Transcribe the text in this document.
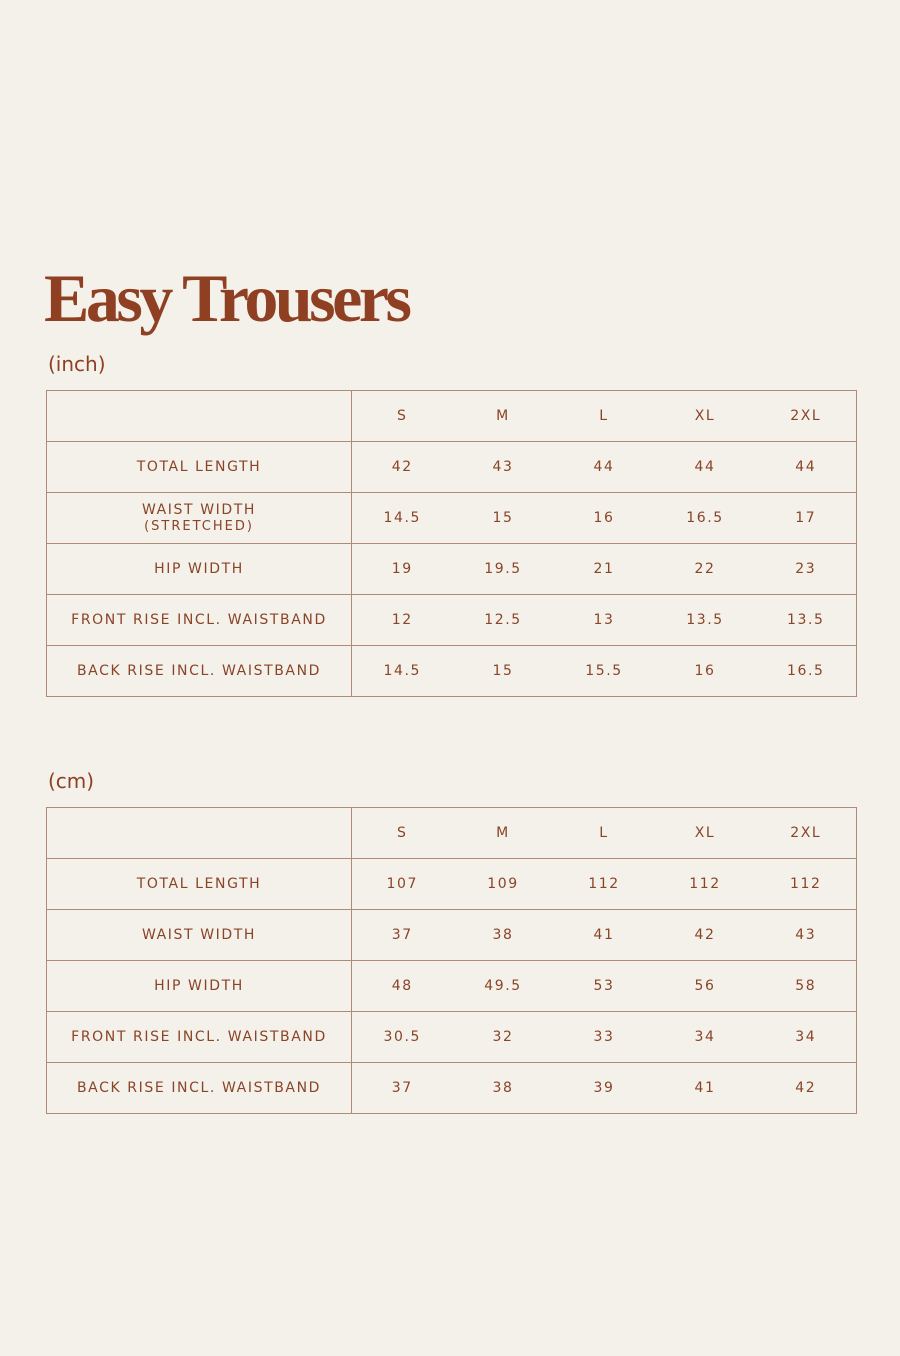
Easy Trousers
(inch)
	S	M	L	XL	2XL
TOTAL LENGTH	42	43	44	44	44
WAIST WIDTH
(STRETCHED)	14.5	15	16	16.5	17
HIP WIDTH	19	19.5	21	22	23
FRONT RISE INCL. WAISTBAND	12	12.5	13	13.5	13.5
BACK RISE INCL. WAISTBAND	14.5	15	15.5	16	16.5
(cm)
	S	M	L	XL	2XL
TOTAL LENGTH	107	109	112	112	112
WAIST WIDTH	37	38	41	42	43
HIP WIDTH	48	49.5	53	56	58
FRONT RISE INCL. WAISTBAND	30.5	32	33	34	34
BACK RISE INCL. WAISTBAND	37	38	39	41	42
